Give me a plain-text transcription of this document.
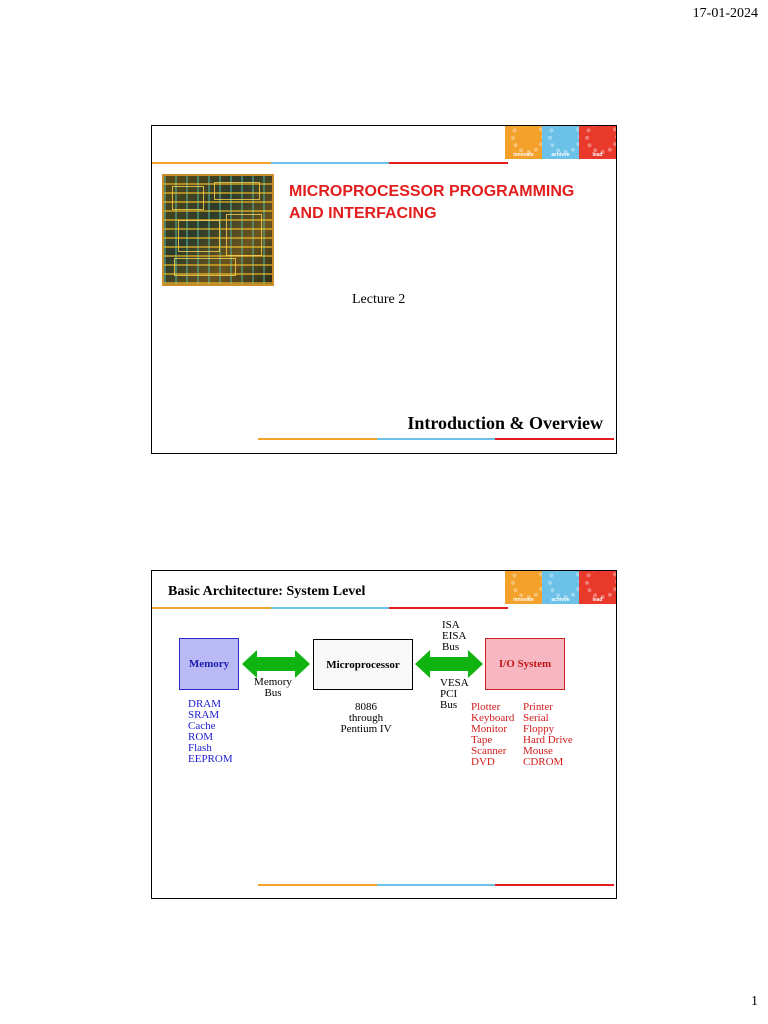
17-01-2024
innovate	achieve	lead
MICROPROCESSOR PROGRAMMING
AND INTERFACING
Lecture 2
Introduction & Overview
innovate	achieve	lead
Basic Architecture: System Level
Memory	Microprocessor	I/O System
Memory
Bus
ISA
EISA
Bus
VESA
PCI
Bus
8086
through
Pentium IV
DRAM
SRAM
Cache
ROM
Flash
EEPROM
Plotter
Keyboard
Monitor
Tape
Scanner
DVD
Printer
Serial
Floppy
Hard Drive
Mouse
CDROM
1
